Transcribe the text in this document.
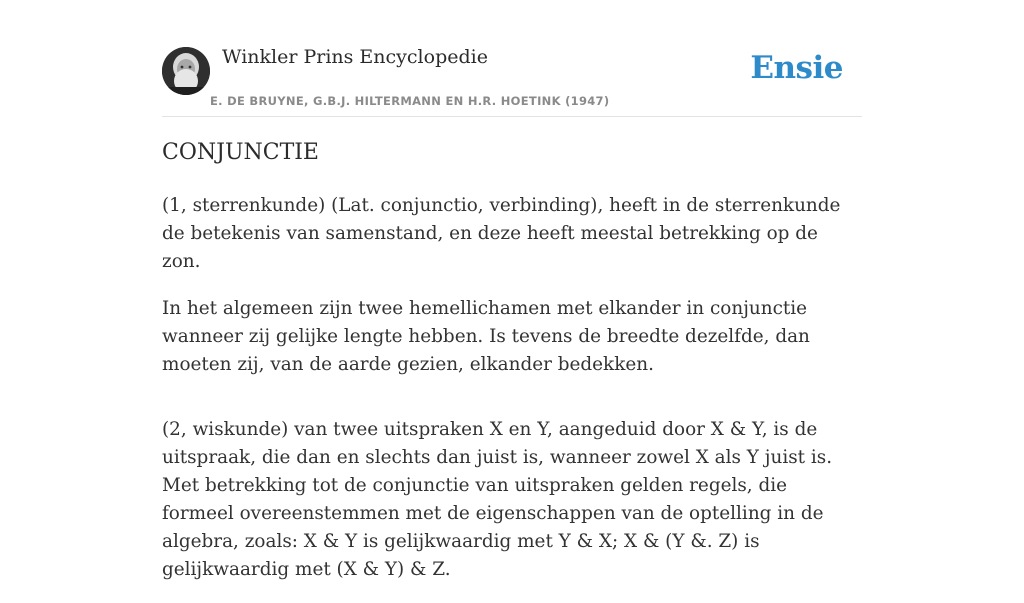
Winkler Prins Encyclopedie
E. DE BRUYNE, G.B.J. HILTERMANN EN H.R. HOETINK (1947)
Ensie
CONJUNCTIE

(1, sterrenkunde) (Lat. conjunctio, verbinding), heeft in de sterrenkunde de betekenis van samenstand, en deze heeft meestal betrekking op de zon.

In het algemeen zijn twee hemellichamen met elkander in conjunctie wanneer zij gelijke lengte hebben. Is tevens de breedte dezelfde, dan moeten zij, van de aarde gezien, elkander bedekken.

(2, wiskunde) van twee uitspraken X en Y, aangeduid door X & Y, is de uitspraak, die dan en slechts dan juist is, wanneer zowel X als Y juist is. Met betrekking tot de conjunctie van uitspraken gelden regels, die formeel overeenstemmen met de eigenschappen van de optelling in de algebra, zoals: X & Y is gelijkwaardig met Y & X; X & (Y &. Z) is gelijkwaardig met (X & Y) & Z.
